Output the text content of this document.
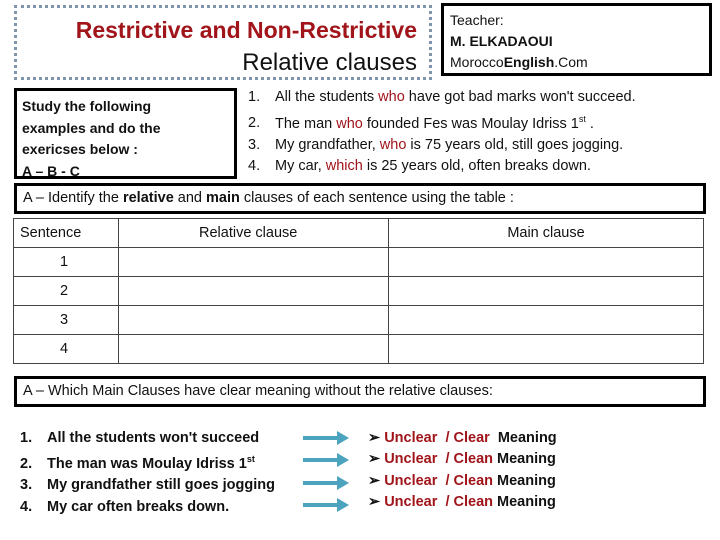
Restrictive and Non-Restrictive
Relative clauses
Teacher:
M. ELKADAOUI
MoroccoEnglish.Com
Study the following
examples and do the
exericses below :
A – B - C
1. All the students who have got bad marks won't succeed.
2. The man who founded Fes was Moulay Idriss 1st .
3. My grandfather, who is 75 years old, still goes jogging.
4. My car, which is 25 years old, often breaks down.
A – Identify the relative and main clauses of each sentence using the table :
Sentence	Relative clause	Main clause
1		
2		
3		
4		
A – Which Main Clauses have clear meaning without the relative clauses:
1. All the students won't succeed
2. The man was Moulay Idriss 1st
3. My grandfather still goes jogging
4. My car often breaks down.
➢ Unclear  / Clear  Meaning
➢ Unclear  / Clean Meaning
➢ Unclear  / Clean Meaning
➢ Unclear  / Clean Meaning
